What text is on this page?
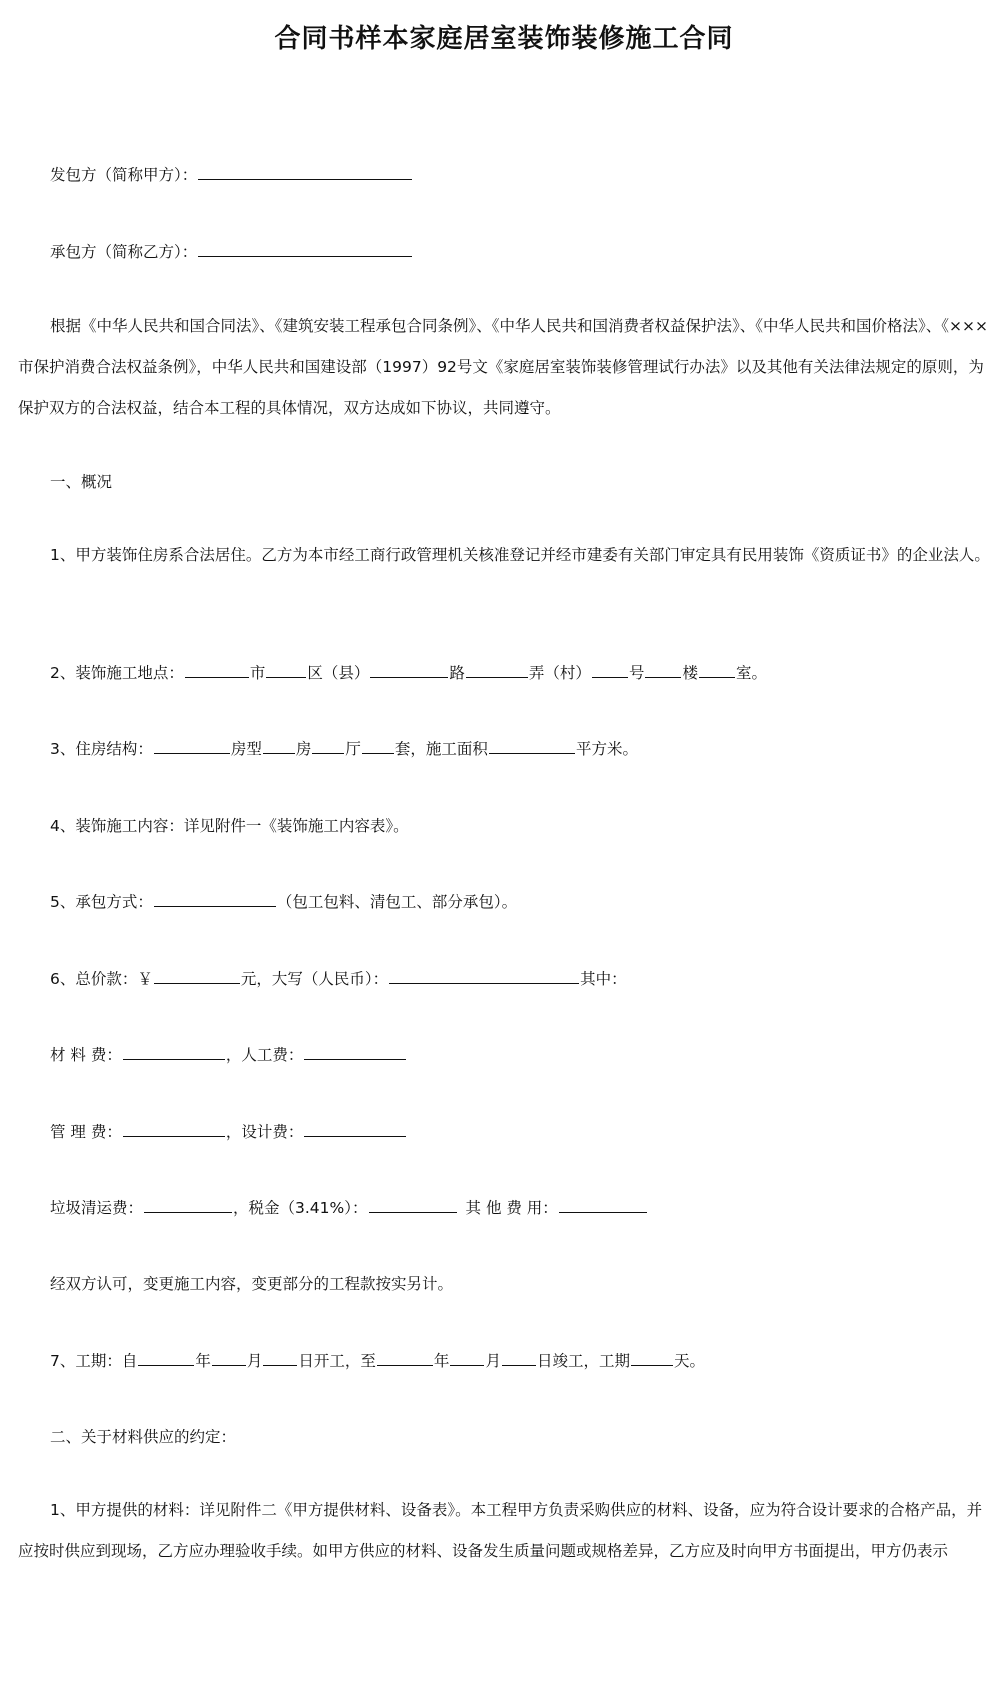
合同书样本家庭居室装饰装修施工合同
发包方（简称甲方）：
承包方（简称乙方）：
根据《中华人民共和国合同法》、《建筑安装工程承包合同条例》、《中华人民共和国消费者权益保护法》、《中华人民共和国价格法》、《×××市保护消费合法权益条例》，中华人民共和国建设部（1997）92号文《家庭居室装饰装修管理试行办法》以及其他有关法律法规定的原则，为保护双方的合法权益，结合本工程的具体情况，双方达成如下协议，共同遵守。
一、概况
1、甲方装饰住房系合法居住。乙方为本市经工商行政管理机关核准登记并经市建委有关部门审定具有民用装饰《资质证书》的企业法人。
2、装饰施工地点：	市	区（县）	路	弄（村） 号 楼 室。
3、住房结构：	房型 房 厅 套，施工面积	平方米。
4、装饰施工内容：详见附件一《装饰施工内容表》。
5、承包方式：	（包工包料、清包工、部分承包）。
6、总价款：￥	元，大写（人民币）：	其中：
材 料 费：	，人工费：
管 理 费：	，设计费：
垃圾清运费：	，税金（3.41%）：	其 他 费 用：
经双方认可，变更施工内容，变更部分的工程款按实另计。
7、工期：自	年 月 日开工，至	年 月 日竣工，工期	天。
二、关于材料供应的约定：
1、甲方提供的材料：详见附件二《甲方提供材料、设备表》。本工程甲方负责采购供应的材料、设备，应为符合设计要求的合格产品，并应按时供应到现场，乙方应办理验收手续。如甲方供应的材料、设备发生质量问题或规格差异，乙方应及时向甲方书面提出，甲方仍表示
